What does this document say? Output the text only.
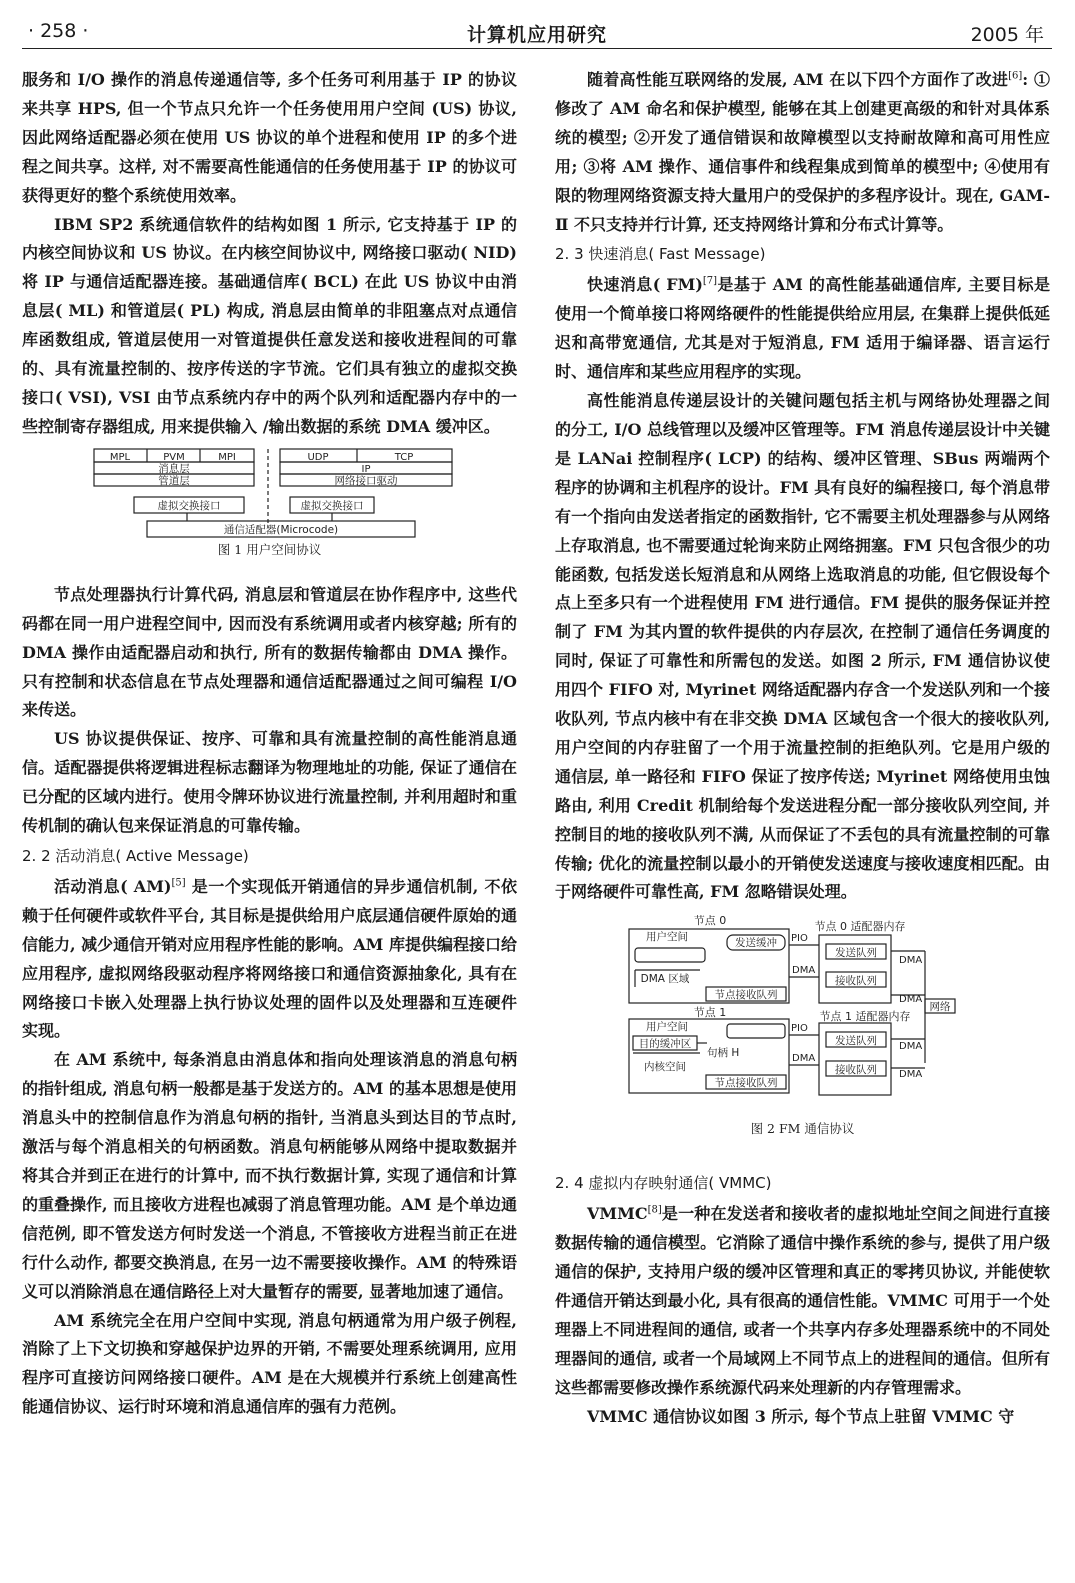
· 258 ·	计算机应用研究	2005 年

服务和 I/O 操作的消息传递通信等, 多个任务可利用基于 IP 的协议来共享 HPS, 但一个节点只允许一个任务使用用户空间 (US) 协议, 因此网络适配器必须在使用 US 协议的单个进程和使用 IP 的多个进程之间共享。这样, 对不需要高性能通信的任务使用基于 IP 的协议可获得更好的整个系统使用效率。

IBM SP2 系统通信软件的结构如图 1 所示, 它支持基于 IP 的内核空间协议和 US 协议。在内核空间协议中, 网络接口驱动( NID) 将 IP 与通信适配器连接。基础通信库( BCL) 在此 US 协议中由消息层( ML) 和管道层( PL) 构成, 消息层由简单的非阻塞点对点通信库函数组成, 管道层使用一对管道提供任意发送和接收进程间的可靠的、具有流量控制的、按序传送的字节流。它们具有独立的虚拟交换接口( VSI), VSI 由节点系统内存中的两个队列和适配器内存中的一些控制寄存器组成, 用来提供输入 /输出数据的系统 DMA 缓冲区。

MPL	PVM	MPI
消息层
管道层
虚拟交换接口
UDP	TCP
IP
网络接口驱动
虚拟交换接口
通信适配器(Microcode)
图 1 用户空间协议

节点处理器执行计算代码, 消息层和管道层在协作程序中, 这些代码都在同一用户进程空间中, 因而没有系统调用或者内核穿越; 所有的 DMA 操作由适配器启动和执行, 所有的数据传输都由 DMA 操作。只有控制和状态信息在节点处理器和通信适配器通过之间可编程 I/O 来传送。

US 协议提供保证、按序、可靠和具有流量控制的高性能消息通信。适配器提供将逻辑进程标志翻译为物理地址的功能, 保证了通信在已分配的区域内进行。使用令牌环协议进行流量控制, 并利用超时和重传机制的确认包来保证消息的可靠传输。

2. 2 活动消息( Active Message)

活动消息( AM)[5] 是一个实现低开销通信的异步通信机制, 不依赖于任何硬件或软件平台, 其目标是提供给用户底层通信硬件原始的通信能力, 减少通信开销对应用程序性能的影响。AM 库提供编程接口给应用程序, 虚拟网络段驱动程序将网络接口和通信资源抽象化, 具有在网络接口卡嵌入处理器上执行协议处理的固件以及处理器和互连硬件实现。

在 AM 系统中, 每条消息由消息体和指向处理该消息的消息句柄的指针组成, 消息句柄一般都是基于发送方的。AM 的基本思想是使用消息头中的控制信息作为消息句柄的指针, 当消息头到达目的节点时, 激活与每个消息相关的句柄函数。消息句柄能够从网络中提取数据并将其合并到正在进行的计算中, 而不执行数据计算, 实现了通信和计算的重叠操作, 而且接收方进程也减弱了消息管理功能。AM 是个单边通信范例, 即不管发送方何时发送一个消息, 不管接收方进程当前正在进行什么动作, 都要交换消息, 在另一边不需要接收操作。AM 的特殊语义可以消除消息在通信路径上对大量暂存的需要, 显著地加速了通信。

AM 系统完全在用户空间中实现, 消息句柄通常为用户级子例程, 消除了上下文切换和穿越保护边界的开销, 不需要处理系统调用, 应用程序可直接访问网络接口硬件。AM 是在大规模并行系统上创建高性能通信协议、运行时环境和消息通信库的强有力范例。

随着高性能互联网络的发展, AM 在以下四个方面作了改进[6]: ①修改了 AM 命名和保护模型, 能够在其上创建更高级的和针对具体系统的模型; ②开发了通信错误和故障模型以支持耐故障和高可用性应用; ③将 AM 操作、通信事件和线程集成到简单的模型中; ④使用有限的物理网络资源支持大量用户的受保护的多程序设计。现在, GAM-Ⅱ 不只支持并行计算, 还支持网络计算和分布式计算等。

2. 3 快速消息( Fast Message)

快速消息( FM)[7]是基于 AM 的高性能基础通信库, 主要目标是使用一个简单接口将网络硬件的性能提供给应用层, 在集群上提供低延迟和高带宽通信, 尤其是对于短消息, FM 适用于编译器、语言运行时、通信库和某些应用程序的实现。

高性能消息传递层设计的关键问题包括主机与网络协处理器之间的分工, I/O 总线管理以及缓冲区管理等。FM 消息传递层设计中关键是 LANai 控制程序( LCP) 的结构、缓冲区管理、SBus 两端两个程序的协调和主机程序的设计。FM 具有良好的编程接口, 每个消息带有一个指向由发送者指定的函数指针, 它不需要主机处理器参与从网络上存取消息, 也不需要通过轮询来防止网络拥塞。FM 只包含很少的功能函数, 包括发送长短消息和从网络上选取消息的功能, 但它假设每个点上至多只有一个进程使用 FM 进行通信。FM 提供的服务保证并控制了 FM 为其内置的软件提供的内存层次, 在控制了通信任务调度的同时, 保证了可靠性和所需包的发送。如图 2 所示, FM 通信协议使用四个 FIFO 对, Myrinet 网络适配器内存含一个发送队列和一个接收队列, 节点内核中有在非交换 DMA 区域包含一个很大的接收队列, 用户空间的内存驻留了一个用于流量控制的拒绝队列。它是用户级的通信层, 单一路径和 FIFO 保证了按序传送; Myrinet 网络使用虫蚀路由, 利用 Credit 机制给每个发送进程分配一部分接收队列空间, 并控制目的地的接收队列不满, 从而保证了不丢包的具有流量控制的可靠传输; 优化的流量控制以最小的开销使发送速度与接收速度相匹配。由于网络硬件可靠性高, FM 忽略错误处理。

节点 0	节点 0 适配器内存
用户空间	发送缓冲 PIO
发送队列
DMA
DMA 区域
DMA
接收队列
节点接收队列	DMA
网络
节点 1	节点 1 适配器内存
用户空间	PIO
目的缓冲区
句柄 H
发送队列 DMA
内核空间
DMA
接收队列 DMA
节点接收队列
图 2 FM 通信协议
2. 4 虚拟内存映射通信( VMMC)

VMMC[8]是一种在发送者和接收者的虚拟地址空间之间进行直接数据传输的通信模型。它消除了通信中操作系统的参与, 提供了用户级通信的保护, 支持用户级的缓冲区管理和真正的零拷贝协议, 并能使软件通信开销达到最小化, 具有很高的通信性能。VMMC 可用于一个处理器上不同进程间的通信, 或者一个共享内存多处理器系统中的不同处理器间的通信, 或者一个局域网上不同节点上的进程间的通信。但所有这些都需要修改操作系统源代码来处理新的内存管理需求。

VMMC 通信协议如图 3 所示, 每个节点上驻留 VMMC 守
